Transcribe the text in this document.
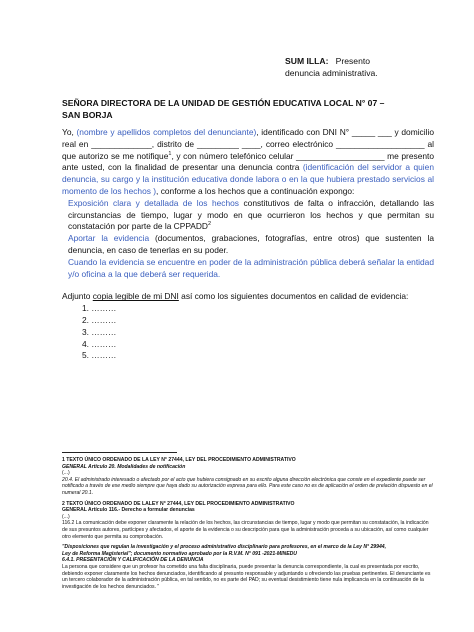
SUM ILLA: Presento
denuncia administrativa.
SEÑORA DIRECTORA DE LA UNIDAD DE GESTIÓN EDUCATIVA LOCAL N° 07 –
SAN BORJA

Yo, (nombre y apellidos completos del denunciante), identificado con DNI N° _____ ___ y domicilio real en _____________, distrito de _________ ____, correo electrónico ___________________ al que autorizo se me notifique$^1$, y con número telefónico celular ___________________ me presento ante usted, con la finalidad de presentar una denuncia contra (identificación del servidor a quien denuncia, su cargo y la institución educativa donde labora o en la que hubiera prestado servicios al momento de los hechos ), conforme a los hechos que a continuación expongo:

Exposición clara y detallada de los hechos constitutivos de falta o infracción, detallando las circunstancias de tiempo, lugar y modo en que ocurrieron los hechos y que permitan su constatación por parte de la CPPADD$^2$

Aportar la evidencia (documentos, grabaciones, fotografías, entre otros) que sustenten la denuncia, en caso de tenerlas en su poder.

Cuando la evidencia se encuentre en poder de la administración pública deberá señalar la entidad y/o oficina a la que deberá ser requerida.

Adjunto copia legible de mi DNI así como los siguientes documentos en calidad de evidencia:

1. ………
2. ………
3. ………
4. ………
5. ………

1 TEXTO ÚNICO ORDENADO DE LA LEY N° 27444, LEY DEL PROCEDIMIENTO ADMINISTRATIVO

GENERAL Artículo 20. Modalidades de notificación

(...)

20.4. El administrado interesado o afectado por el acto que hubiera consignado en su escrito alguna dirección electrónica que conste en el expediente puede ser notificado a través de ese medio siempre que haya dado su autorización expresa para ello. Para este caso no es de aplicación el orden de prelación dispuesto en el numeral 20.1.

2 TEXTO ÚNICO ORDENADO DE LALEY N° 27444, LEY DEL PROCEDIMIENTO ADMINISTRATIVO

GENERAL Artículo 116.- Derecho a formular denuncias

(...)

116.2 La comunicación debe exponer claramente la relación de los hechos, las circunstancias de tiempo, lugar y modo que permitan su constatación, la indicación de sus presuntos autores, partícipes y afectados, el aporte de la evidencia o su descripción para que la administración proceda a su ubicación, así como cualquier otro elemento que permita su comprobación.

"Disposiciones que regulan la investigación y el proceso administrativo disciplinario para profesores, en el marco de la Ley N° 29944,

Ley de Reforma Magisterial"; documento normativo aprobado por la R.V.M. N° 091 -2021-MINEDU

6.4.1. PRESENTACIÓN Y CALIFICACIÓN DE LA DENUNCIA

La persona que considere que un profesor ha cometido una falta disciplinaria, puede presentar la denuncia correspondiente, la cual es presentada por escrito, debiendo exponer claramente los hechos denunciados, identificando al presunto responsable y adjuntando u ofreciendo las pruebas pertinentes. El denunciante es un tercero colaborador de la administración pública, en tal sentido, no es parte del PAD; su eventual desistimiento tiene nula implicancia en la continuación de la investigación de los hechos denunciados. "
